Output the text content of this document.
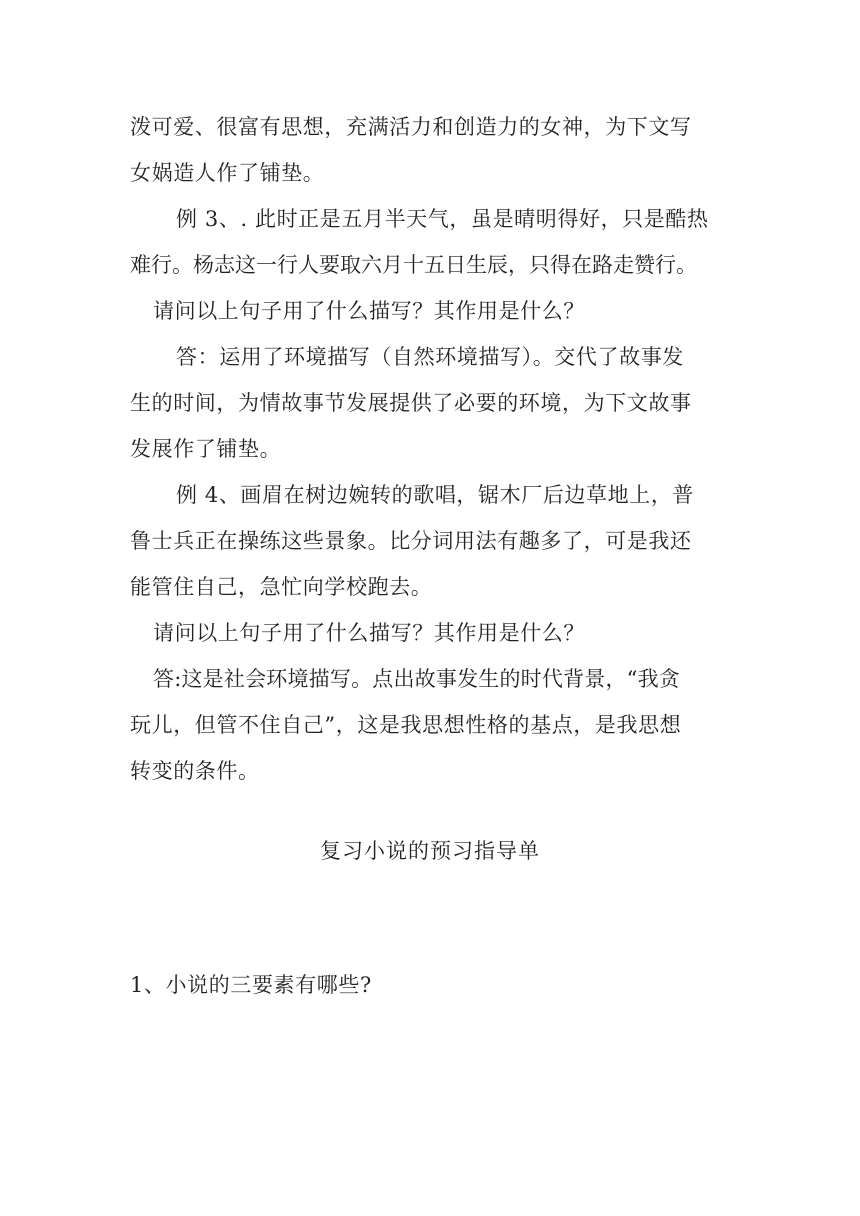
泼可爱、很富有思想，充满活力和创造力的女神，为下文写
女娲造人作了铺垫。
例 3、. 此时正是五月半天气，虽是晴明得好，只是酷热
难行。杨志这一行人要取六月十五日生辰，只得在路走赞行。
请问以上句子用了什么描写？其作用是什么？
答：运用了环境描写（自然环境描写）。交代了故事发
生的时间，为情故事节发展提供了必要的环境，为下文故事
发展作了铺垫。
例 4、画眉在树边婉转的歌唱，锯木厂后边草地上，普
鲁士兵正在操练这些景象。比分词用法有趣多了，可是我还
能管住自己，急忙向学校跑去。
请问以上句子用了什么描写？其作用是什么？
答:这是社会环境描写。点出故事发生的时代背景，“我贪
玩儿，但管不住自己”，这是我思想性格的基点，是我思想
转变的条件。
复习小说的预习指导单
1、小说的三要素有哪些?
